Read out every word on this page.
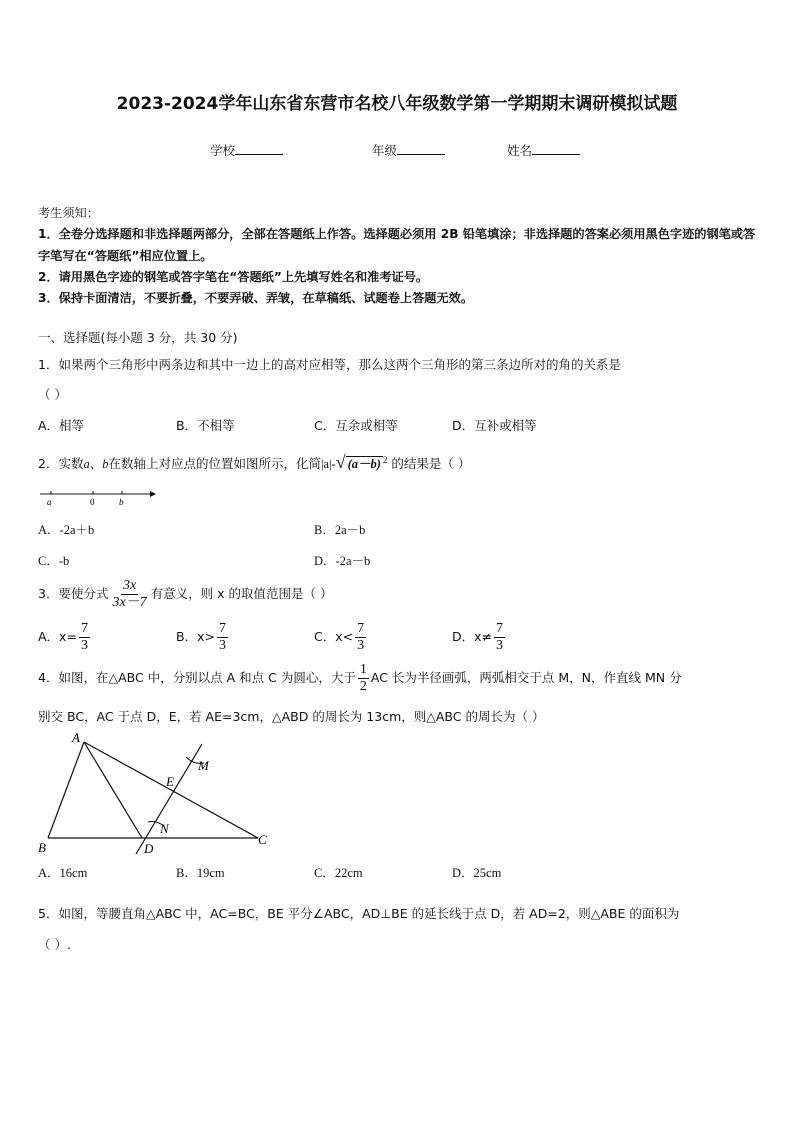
2023-2024学年山东省东营市名校八年级数学第一学期期末调研模拟试题
学校	年级	姓名

考生须知：

1．全卷分选择题和非选择题两部分，全部在答题纸上作答。选择题必须用 2B 铅笔填涂；非选择题的答案必须用黑色字迹的钢笔或答字笔写在“答题纸”相应位置上。

2．请用黑色字迹的钢笔或答字笔在“答题纸”上先填写姓名和准考证号。

3．保持卡面清洁，不要折叠，不要弄破、弄皱，在草稿纸、试题卷上答题无效。

一、选择题(每小题 3 分，共 30 分)
1．如果两个三角形中两条边和其中一边上的高对应相等，那么这两个三角形的第三条边所对的角的关系是
（ ）
A．相等	B．不相等	C．互余或相等	D．互补或相等
2．实数a、b在数轴上对应点的位置如图所示，化简|a|-√ (a－b) $^2$ 的结果是（ ）
a	0	b
A．-2a＋b	B．2a－b
C．-b	D．-2a－b
3．要使分式 $\frac{3x}{3x-7}$ 有意义，则 x 的取值范围是（ ）
A．$x= \frac{7}{3}$	B．$x> \frac{7}{3}$	C．$x< \frac{7}{3}$	D．$x\ne \frac{7}{3}$
4．如图，在△ABC 中，分别以点 A 和点 C 为圆心，大于 $\frac{1}{2}$ AC 长为半径画弧，两弧相交于点 M，N，作直线 MN 分
别交 BC，AC 于点 D，E，若 AE=3cm，△ABD 的周长为 13cm，则△ABC 的周长为（ ）
A
B
C
D
E
M
N
A．16cm	B．19cm	C．22cm	D．25cm
5．如图，等腰直角△ABC 中，AC=BC，BE 平分∠ABC，AD⊥BE 的延长线于点 D，若 AD=2，则△ABE 的面积为
（ ）.
